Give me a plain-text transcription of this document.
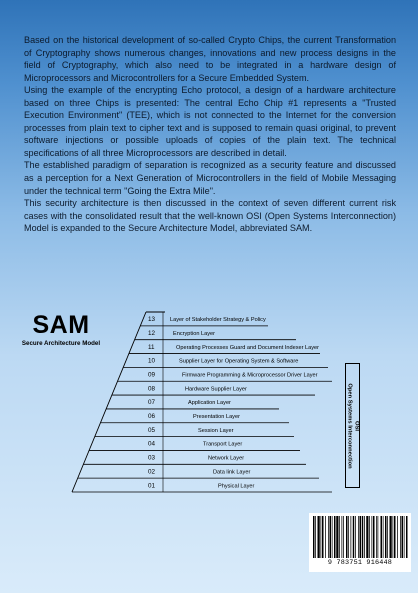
Based on the historical development of so-called Crypto Chips, the current Transformation of Cryptography shows numerous changes, innovations and new process designs in the field of Cryptography, which also need to be integrated in a hardware design of Microprocessors and Microcontrollers for a Secure Embedded System.

Using the example of the encrypting Echo protocol, a design of a hardware architecture based on three Chips is presented: The central Echo Chip #1 represents a "Trusted Execution Environment" (TEE), which is not connected to the Internet for the conversion processes from plain text to cipher text and is supposed to remain quasi original, to prevent software injections or possible uploads of copies of the plain text. The technical specifications of all three Microprocessors are described in detail.

The established paradigm of separation is recognized as a security feature and discussed as a perception for a Next Generation of Microcontrollers in the field of Mobile Messaging under the technical term "Going the Extra Mile".

This security architecture is then discussed in the context of seven different current risk cases with the consolidated result that the well-known OSI (Open Systems Interconnection) Model is expanded to the Secure Architecture Model, abbreviated SAM.

SAM
Secure Architecture Model
13	Layer of Stakeholder Strategy & Policy
12	Encryption Layer
11	Operating Processes Guard and Document Indexer Layer
10	Supplier Layer for Operating System & Software
09	Firmware Programming & Microprocessor Driver Layer
08	Hardware Supplier Layer
07	Application Layer
06	Presentation Layer
05	Session Layer
04	Transport Layer
03	Network Layer
02	Data link Layer
01	Physical Layer
OSI
Open Systems Interconnection
9 783751 916448
